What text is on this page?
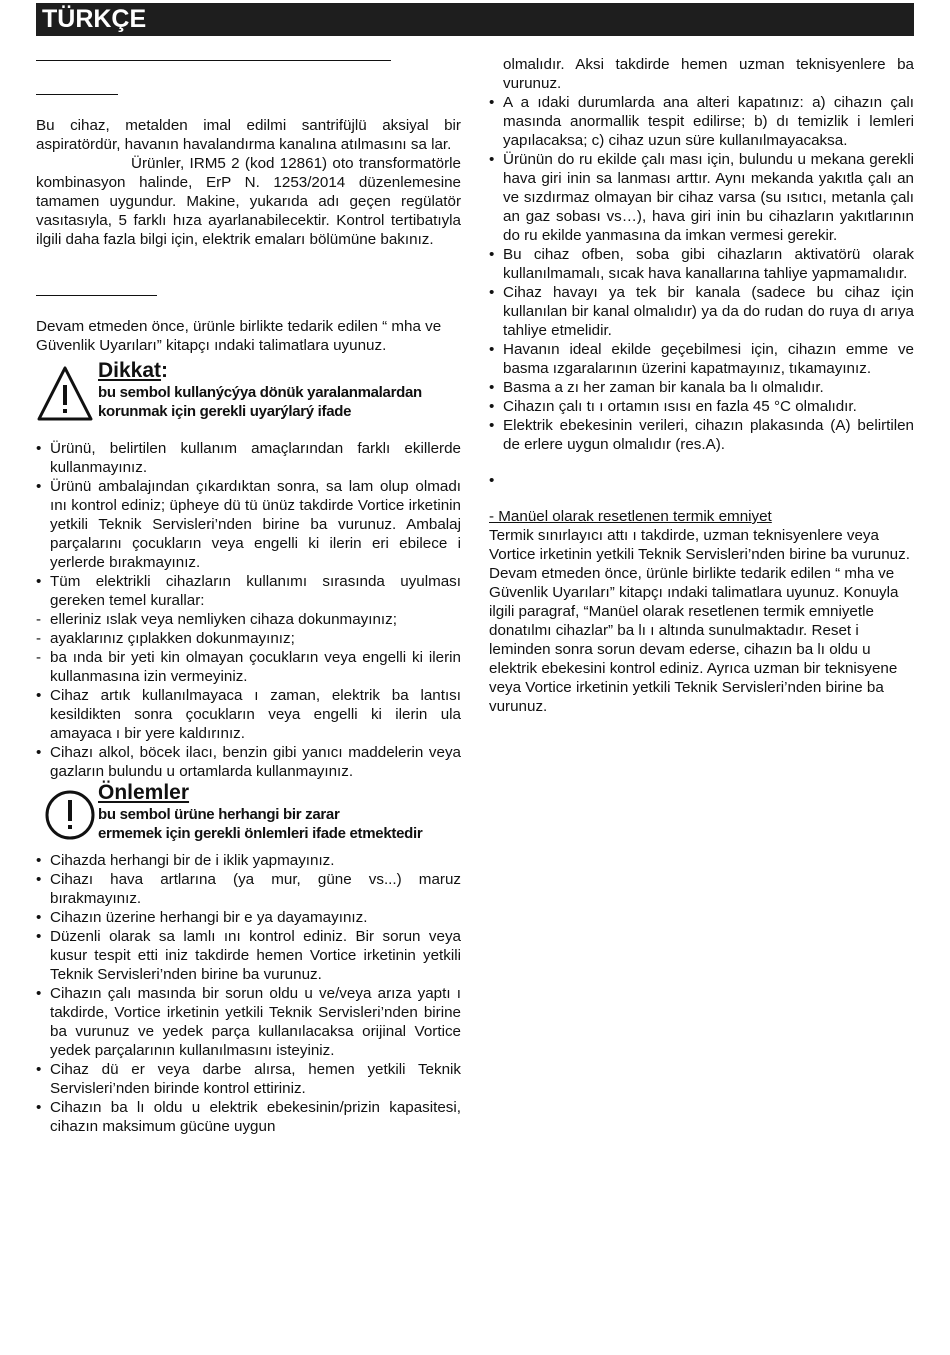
TÜRKÇE

Bu cihaz, metalden imal edilmi santrifüjlü aksiyal bir aspiratördür, havanın havalandırma kanalına atılmasını sa lar.

Ürünler, IRM5 2 (kod 12861) oto transformatörle kombinasyon halinde, ErP N. 1253/2014 düzenlemesine tamamen uygundur. Makine, yukarıda adı geçen regülatör vasıtasıyla, 5 farklı hıza ayarlanabilecektir. Kontrol tertibatıyla ilgili daha fazla bilgi için, elektrik emaları bölümüne bakınız.

Devam etmeden önce, ürünle birlikte tedarik edilen “ mha ve Güvenlik Uyarıları” kitapçı ındaki talimatlara uyunuz.

Dikkat:
bu sembol kullanýcýya dönük yaralanmalardan
korunmak için gerekli uyarýlarý ifade
• Ürünü, belirtilen kullanım amaçlarından farklı ekillerde kullanmayınız.
• Ürünü ambalajından çıkardıktan sonra, sa lam olup olmadı ını kontrol ediniz; üpheye dü tü ünüz takdirde Vortice irketinin yetkili Teknik Servisleri’nden birine ba vurunuz. Ambalaj parçalarını çocukların veya engelli ki ilerin eri ebilece i yerlerde bırakmayınız.
• Tüm elektrikli cihazların kullanımı sırasında uyulması gereken temel kurallar:
- elleriniz ıslak veya nemliyken cihaza dokunmayınız;
- ayaklarınız çıplakken dokunmayınız;
- ba ında bir yeti kin olmayan çocukların veya engelli ki ilerin kullanmasına izin vermeyiniz.
• Cihaz artık kullanılmayaca ı zaman, elektrik ba lantısı kesildikten sonra çocukların veya engelli ki ilerin ula amayaca ı bir yere kaldırınız.
• Cihazı alkol, böcek ilacı, benzin gibi yanıcı maddelerin veya gazların bulundu u ortamlarda kullanmayınız.
Önlemler
bu sembol ürüne herhangi bir zarar
ermemek için gerekli önlemleri ifade etmektedir
• Cihazda herhangi bir de i iklik yapmayınız.
• Cihazı hava artlarına (ya mur, güne vs...) maruz bırakmayınız.
• Cihazın üzerine herhangi bir e ya dayamayınız.
• Düzenli olarak sa lamlı ını kontrol ediniz. Bir sorun veya kusur tespit etti iniz takdirde hemen Vortice irketinin yetkili Teknik Servisleri’nden birine ba vurunuz.
• Cihazın çalı masında bir sorun oldu u ve/veya arıza yaptı ı takdirde, Vortice irketinin yetkili Teknik Servisleri’nden birine ba vurunuz ve yedek parça kullanılacaksa orijinal Vortice yedek parçalarının kullanılmasını isteyiniz.
• Cihaz dü er veya darbe alırsa, hemen yetkili Teknik Servisleri’nden birinde kontrol ettiriniz.
• Cihazın ba lı oldu u elektrik ebekesinin/prizin kapasitesi, cihazın maksimum gücüne uygun

olmalıdır. Aksi takdirde hemen uzman teknisyenlere ba vurunuz.

• A a ıdaki durumlarda ana alteri kapatınız: a) cihazın çalı masında anormallik tespit edilirse; b) dı temizlik i lemleri yapılacaksa; c) cihaz uzun süre kullanılmayacaksa.
• Ürünün do ru ekilde çalı ması için, bulundu u mekana gerekli hava giri inin sa lanması arttır. Aynı mekanda yakıtla çalı an ve sızdırmaz olmayan bir cihaz varsa (su ısıtıcı, metanla çalı an gaz sobası vs…), hava giri inin bu cihazların yakıtlarının do ru ekilde yanmasına da imkan vermesi gerekir.
• Bu cihaz ofben, soba gibi cihazların aktivatörü olarak kullanılmamalı, sıcak hava kanallarına tahliye yapmamalıdır.
• Cihaz havayı ya tek bir kanala (sadece bu cihaz için kullanılan bir kanal olmalıdır) ya da do rudan do ruya dı arıya tahliye etmelidir.
• Havanın ideal ekilde geçebilmesi için, cihazın emme ve basma ızgaralarının üzerini kapatmayınız, tıkamayınız.
• Basma a zı her zaman bir kanala ba lı olmalıdır.
• Cihazın çalı tı ı ortamın ısısı en fazla 45 °C olmalıdır.
• Elektrik ebekesinin verileri, cihazın plakasında (A) belirtilen de erlere uygun olmalıdır (res.A).
•
- Manüel olarak resetlenen termik emniyet

Termik sınırlayıcı attı ı takdirde, uzman teknisyenlere veya Vortice irketinin yetkili Teknik Servisleri’nden birine ba vurunuz. Devam etmeden önce, ürünle birlikte tedarik edilen “ mha ve Güvenlik Uyarıları” kitapçı ındaki talimatlara uyunuz. Konuyla ilgili paragraf, “Manüel olarak resetlenen termik emniyetle donatılmı cihazlar” ba lı ı altında sunulmaktadır. Reset i leminden sonra sorun devam ederse, cihazın ba lı oldu u elektrik ebekesini kontrol ediniz. Ayrıca uzman bir teknisyene veya Vortice irketinin yetkili Teknik Servisleri’nden birine ba vurunuz.
